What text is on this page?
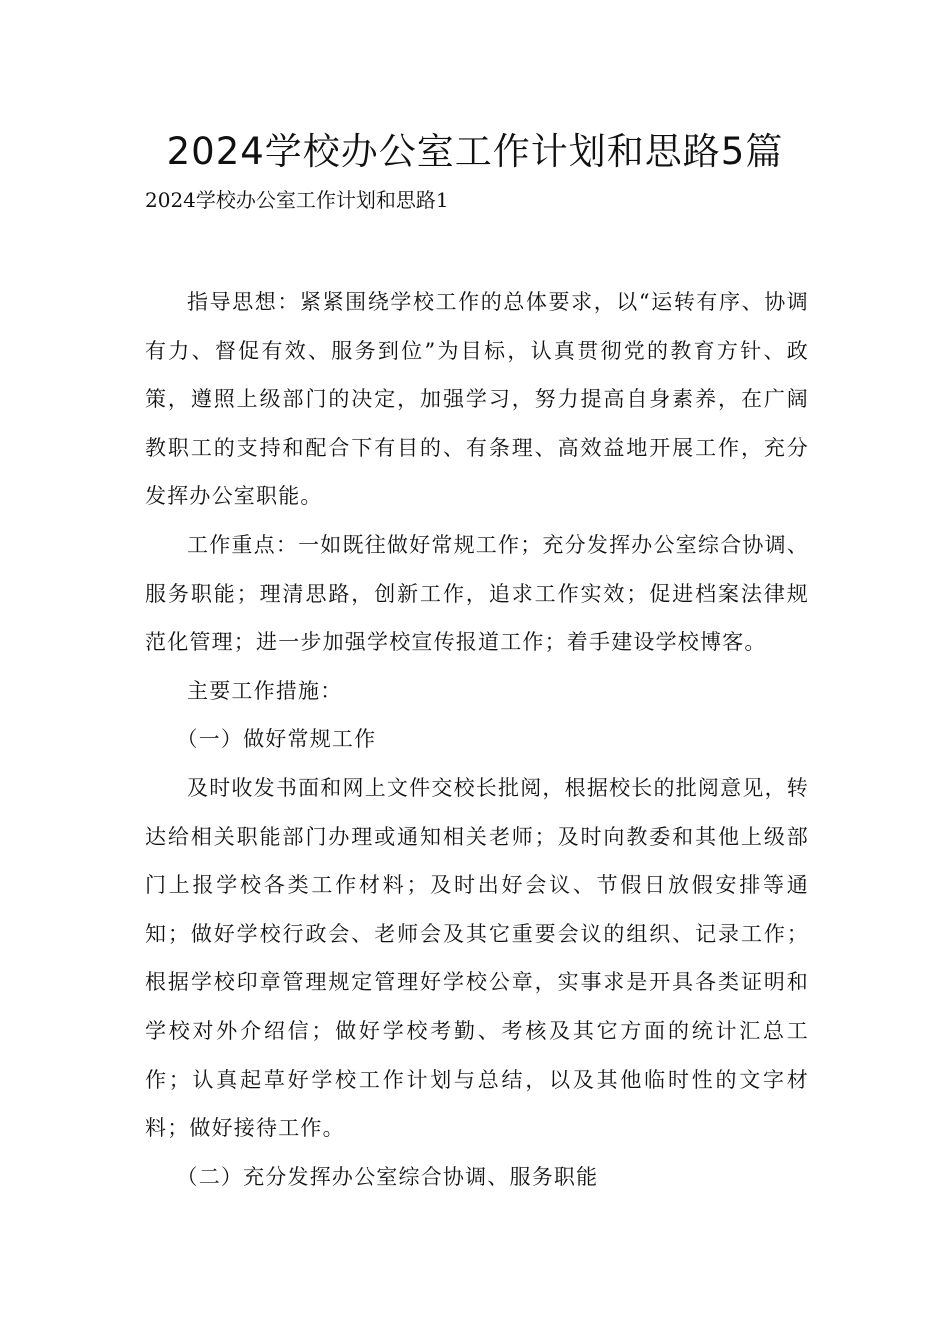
2024学校办公室工作计划和思路5篇

2024学校办公室工作计划和思路1

指导思想：紧紧围绕学校工作的总体要求，以“运转有序、协调有力、督促有效、服务到位”为目标，认真贯彻党的教育方针、政策，遵照上级部门的决定，加强学习，努力提高自身素养，在广阔教职工的支持和配合下有目的、有条理、高效益地开展工作，充分发挥办公室职能。

工作重点：一如既往做好常规工作；充分发挥办公室综合协调、服务职能；理清思路，创新工作，追求工作实效；促进档案法律规范化管理；进一步加强学校宣传报道工作；着手建设学校博客。

主要工作措施：

（一）做好常规工作

及时收发书面和网上文件交校长批阅，根据校长的批阅意见，转达给相关职能部门办理或通知相关老师；及时向教委和其他上级部门上报学校各类工作材料；及时出好会议、节假日放假安排等通知；做好学校行政会、老师会及其它重要会议的组织、记录工作；根据学校印章管理规定管理好学校公章，实事求是开具各类证明和学校对外介绍信；做好学校考勤、考核及其它方面的统计汇总工作；认真起草好学校工作计划与总结，以及其他临时性的文字材料；做好接待工作。

（二）充分发挥办公室综合协调、服务职能
